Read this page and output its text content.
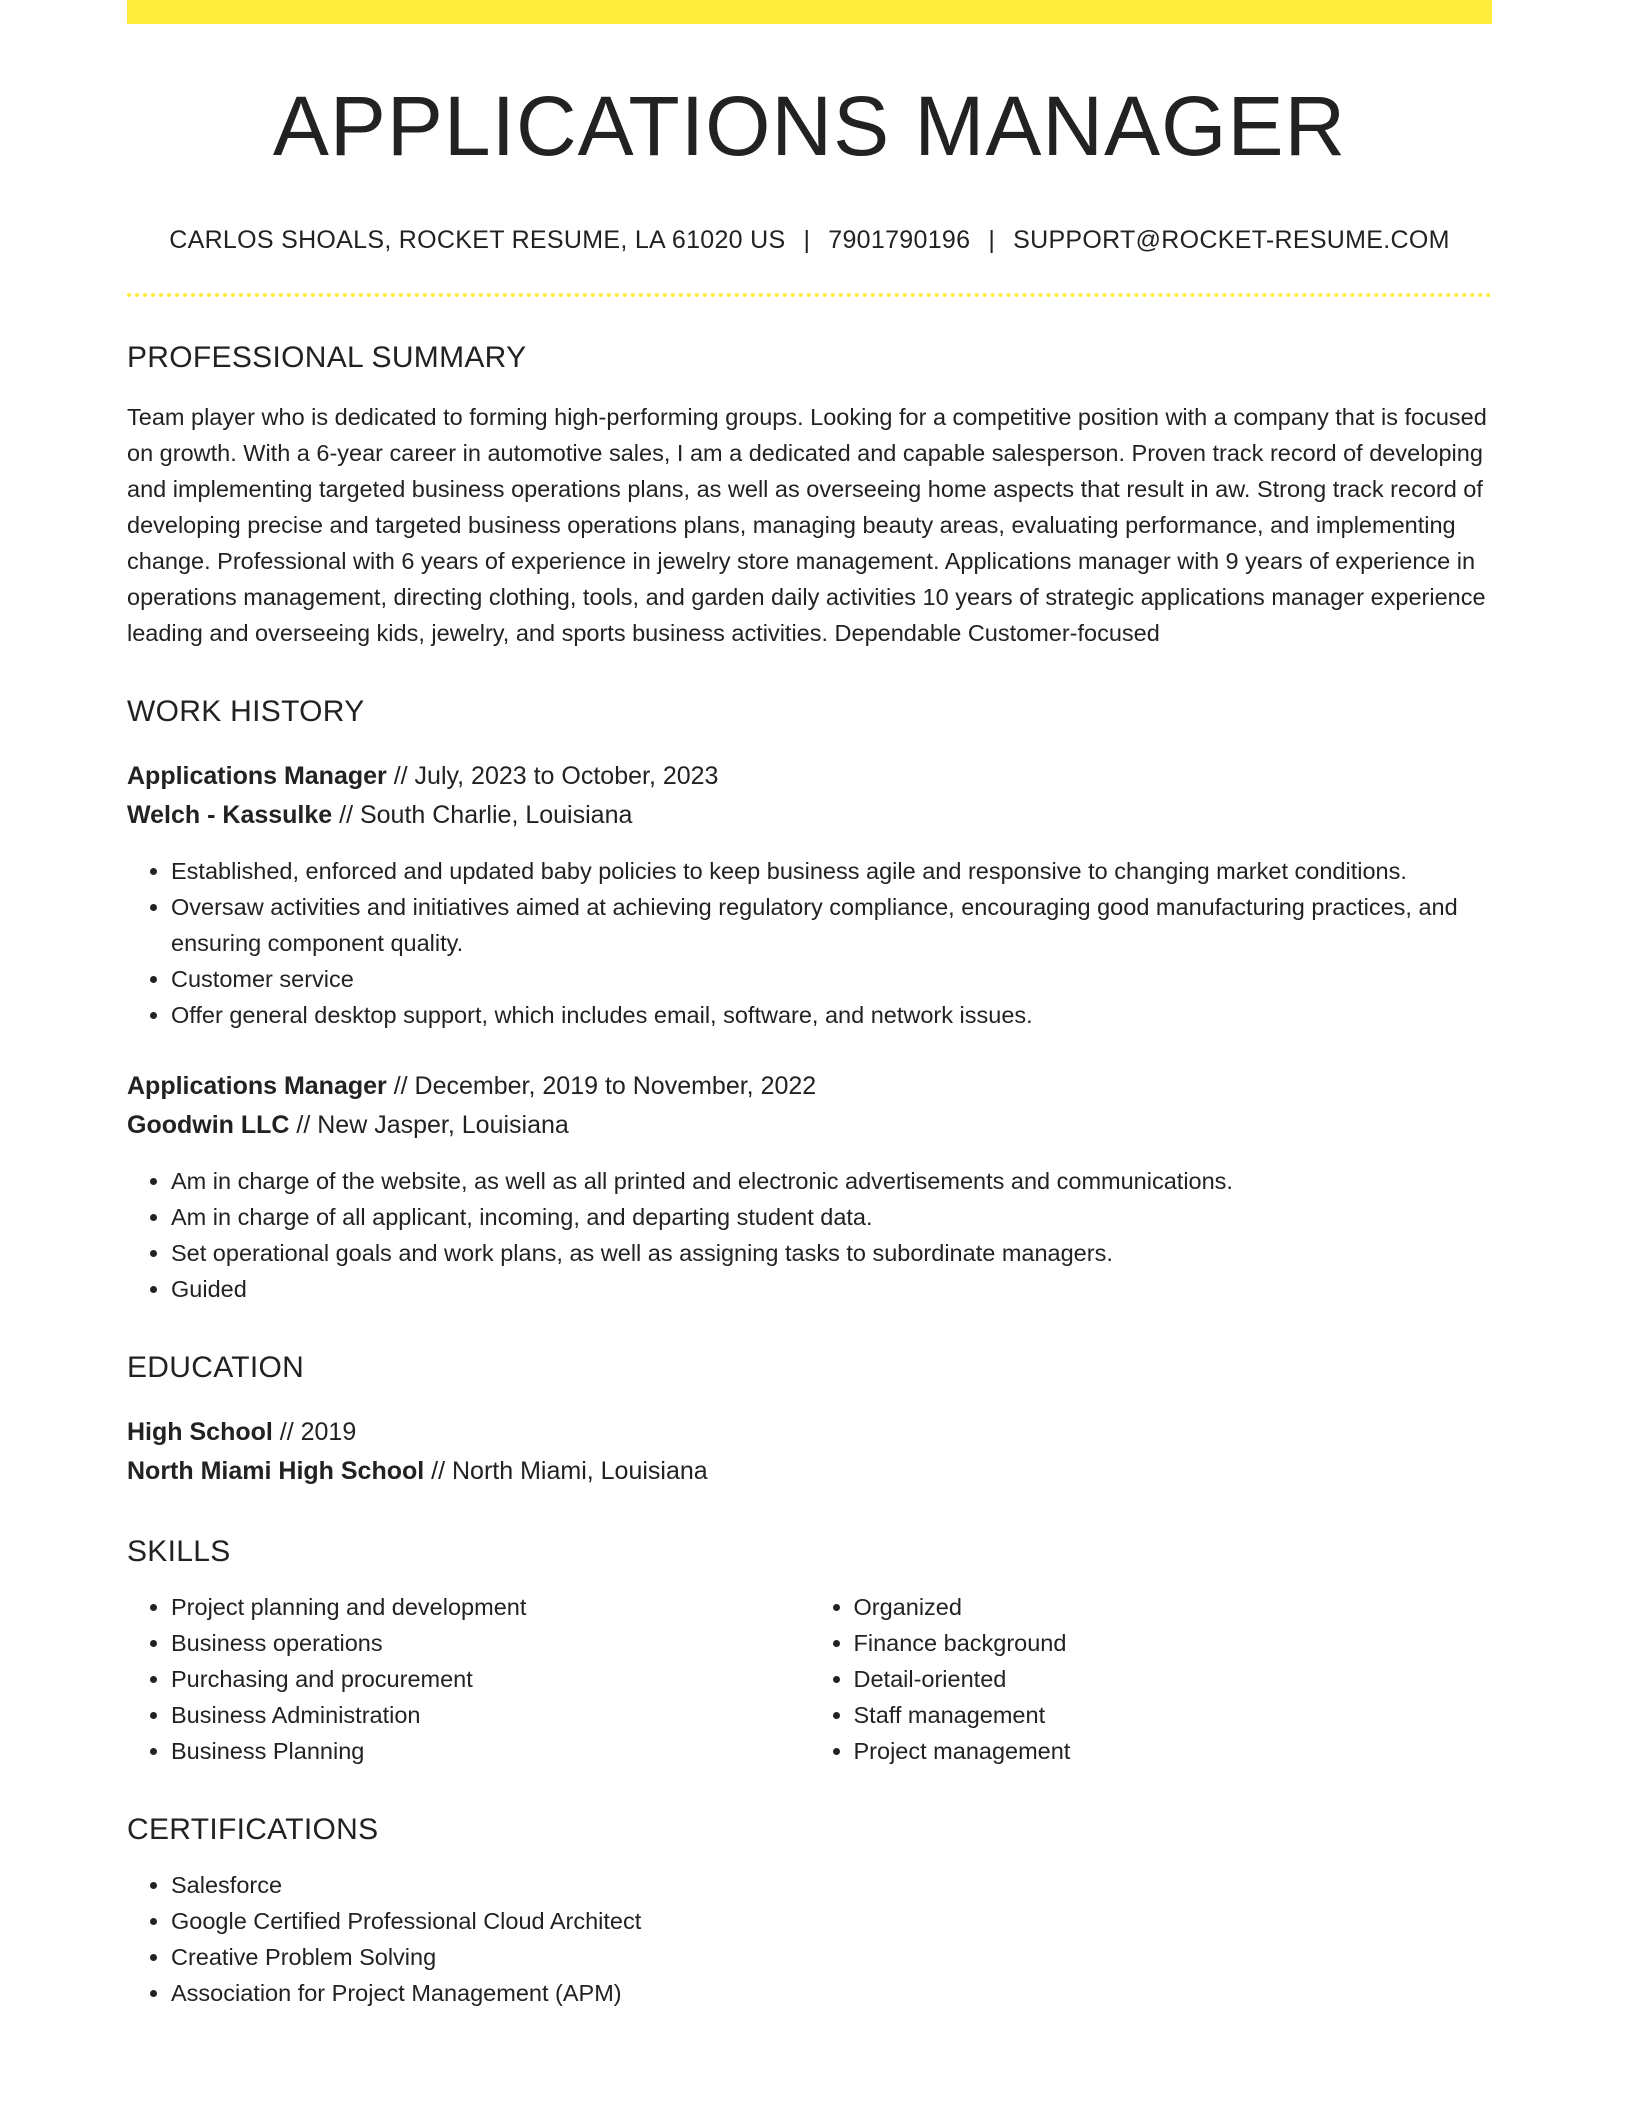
APPLICATIONS MANAGER
CARLOS SHOALS, ROCKET RESUME, LA 61020 US | 7901790196 | SUPPORT@ROCKET-RESUME.COM
PROFESSIONAL SUMMARY
Team player who is dedicated to forming high-performing groups. Looking for a competitive position with a company that is focused on growth. With a 6-year career in automotive sales, I am a dedicated and capable salesperson. Proven track record of developing and implementing targeted business operations plans, as well as overseeing home aspects that result in aw. Strong track record of developing precise and targeted business operations plans, managing beauty areas, evaluating performance, and implementing change. Professional with 6 years of experience in jewelry store management. Applications manager with 9 years of experience in operations management, directing clothing, tools, and garden daily activities 10 years of strategic applications manager experience leading and overseeing kids, jewelry, and sports business activities. Dependable Customer-focused
WORK HISTORY
Applications Manager // July, 2023 to October, 2023
Welch - Kassulke // South Charlie, Louisiana
• Established, enforced and updated baby policies to keep business agile and responsive to changing market conditions.
• Oversaw activities and initiatives aimed at achieving regulatory compliance, encouraging good manufacturing practices, and ensuring component quality.
• Customer service
• Offer general desktop support, which includes email, software, and network issues.
Applications Manager // December, 2019 to November, 2022
Goodwin LLC // New Jasper, Louisiana
• Am in charge of the website, as well as all printed and electronic advertisements and communications.
• Am in charge of all applicant, incoming, and departing student data.
• Set operational goals and work plans, as well as assigning tasks to subordinate managers.
• Guided
EDUCATION
High School // 2019
North Miami High School // North Miami, Louisiana
SKILLS
• Project planning and development
• Business operations
• Purchasing and procurement
• Business Administration
• Business Planning
• Organized
• Finance background
• Detail-oriented
• Staff management
• Project management
CERTIFICATIONS
• Salesforce
• Google Certified Professional Cloud Architect
• Creative Problem Solving
• Association for Project Management (APM)
